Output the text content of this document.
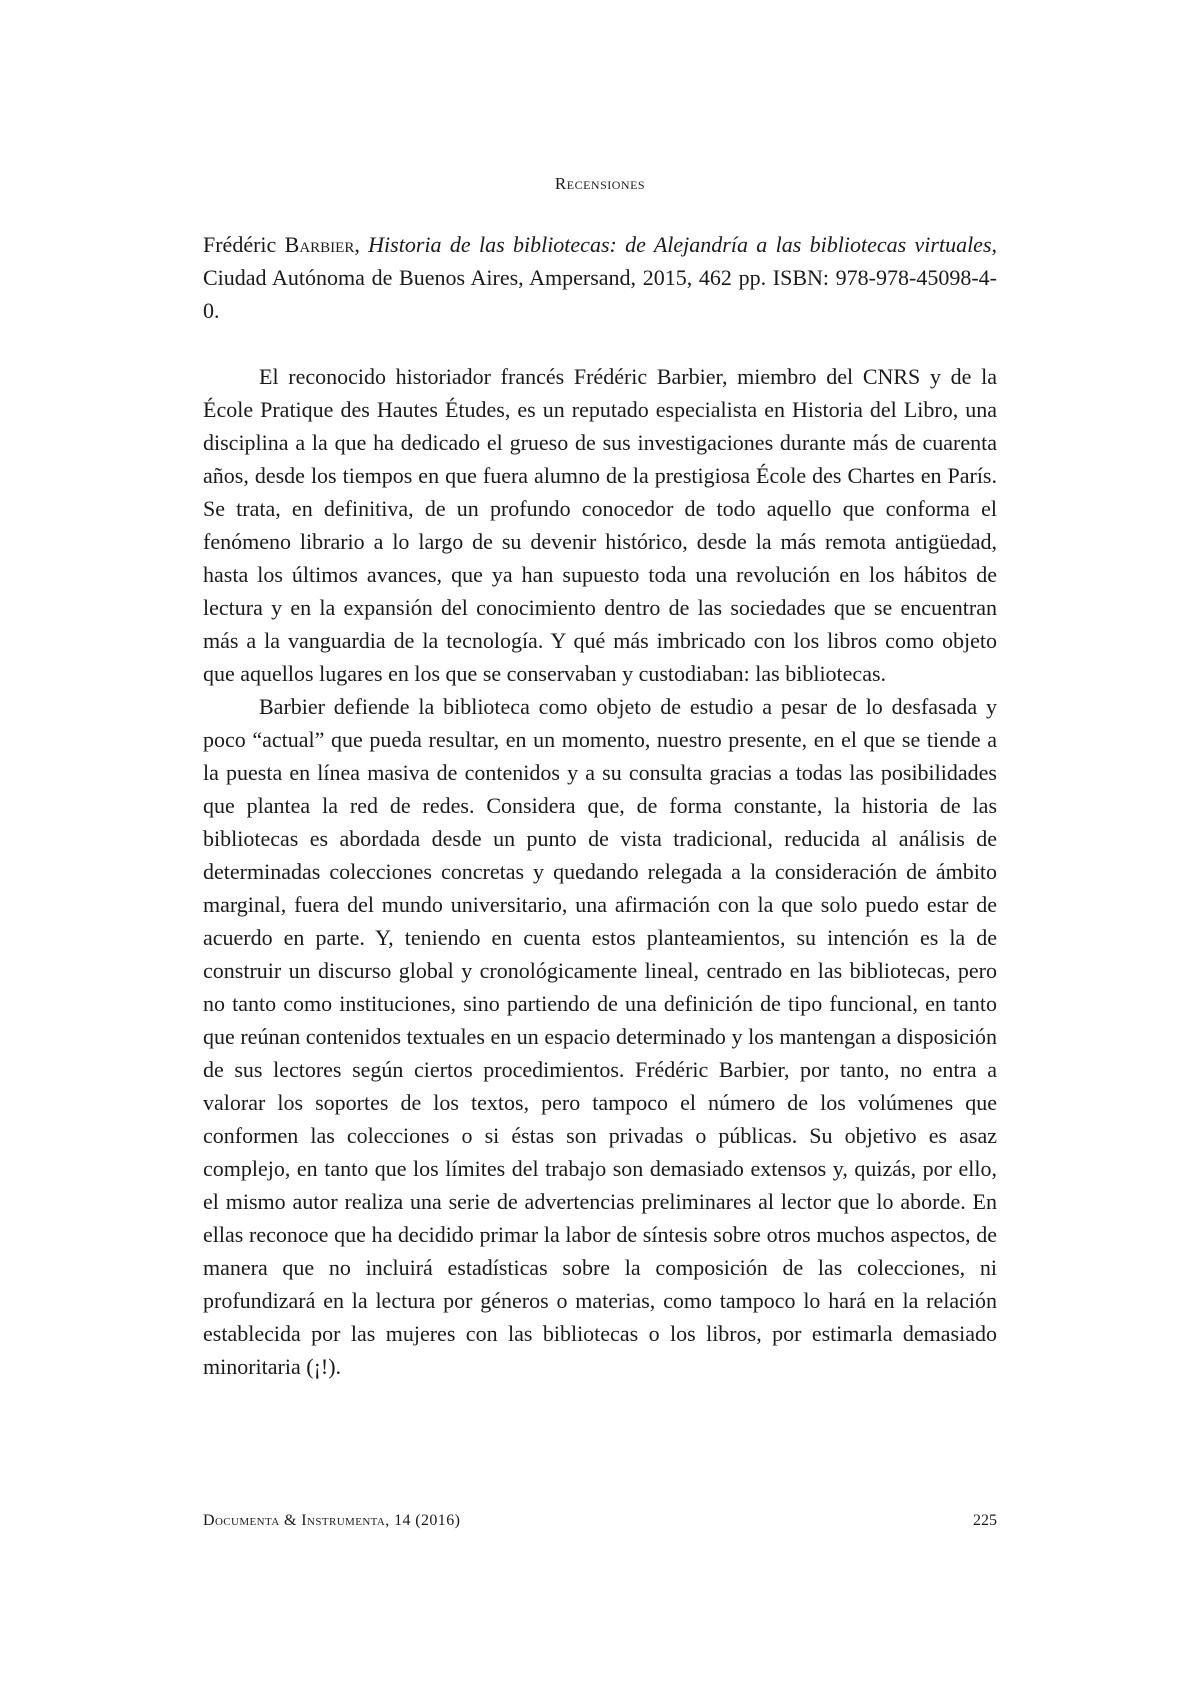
Recensiones
Frédéric Barbier, Historia de las bibliotecas: de Alejandría a las bibliotecas virtuales, Ciudad Autónoma de Buenos Aires, Ampersand, 2015, 462 pp. ISBN: 978-978-45098-4-0.

El reconocido historiador francés Frédéric Barbier, miembro del CNRS y de la École Pratique des Hautes Études, es un reputado especialista en Historia del Libro, una disciplina a la que ha dedicado el grueso de sus investigaciones durante más de cuarenta años, desde los tiempos en que fuera alumno de la prestigiosa École des Chartes en París. Se trata, en definitiva, de un profundo conocedor de todo aquello que conforma el fenómeno librario a lo largo de su devenir histórico, desde la más remota antigüedad, hasta los últimos avances, que ya han supuesto toda una revolución en los hábitos de lectura y en la expansión del conocimiento dentro de las sociedades que se encuentran más a la vanguardia de la tecnología. Y qué más imbricado con los libros como objeto que aquellos lugares en los que se conservaban y custodiaban: las bibliotecas.

Barbier defiende la biblioteca como objeto de estudio a pesar de lo desfasada y poco “actual” que pueda resultar, en un momento, nuestro presente, en el que se tiende a la puesta en línea masiva de contenidos y a su consulta gracias a todas las posibilidades que plantea la red de redes. Considera que, de forma constante, la historia de las bibliotecas es abordada desde un punto de vista tradicional, reducida al análisis de determinadas colecciones concretas y quedando relegada a la consideración de ámbito marginal, fuera del mundo universitario, una afirmación con la que solo puedo estar de acuerdo en parte. Y, teniendo en cuenta estos planteamientos, su intención es la de construir un discurso global y cronológicamente lineal, centrado en las bibliotecas, pero no tanto como instituciones, sino partiendo de una definición de tipo funcional, en tanto que reúnan contenidos textuales en un espacio determinado y los mantengan a disposición de sus lectores según ciertos procedimientos. Frédéric Barbier, por tanto, no entra a valorar los soportes de los textos, pero tampoco el número de los volúmenes que conformen las colecciones o si éstas son privadas o públicas. Su objetivo es asaz complejo, en tanto que los límites del trabajo son demasiado extensos y, quizás, por ello, el mismo autor realiza una serie de advertencias preliminares al lector que lo aborde. En ellas reconoce que ha decidido primar la labor de síntesis sobre otros muchos aspectos, de manera que no incluirá estadísticas sobre la composición de las colecciones, ni profundizará en la lectura por géneros o materias, como tampoco lo hará en la relación establecida por las mujeres con las bibliotecas o los libros, por estimarla demasiado minoritaria (¡!).

Documenta & Instrumenta, 14 (2016)	225
